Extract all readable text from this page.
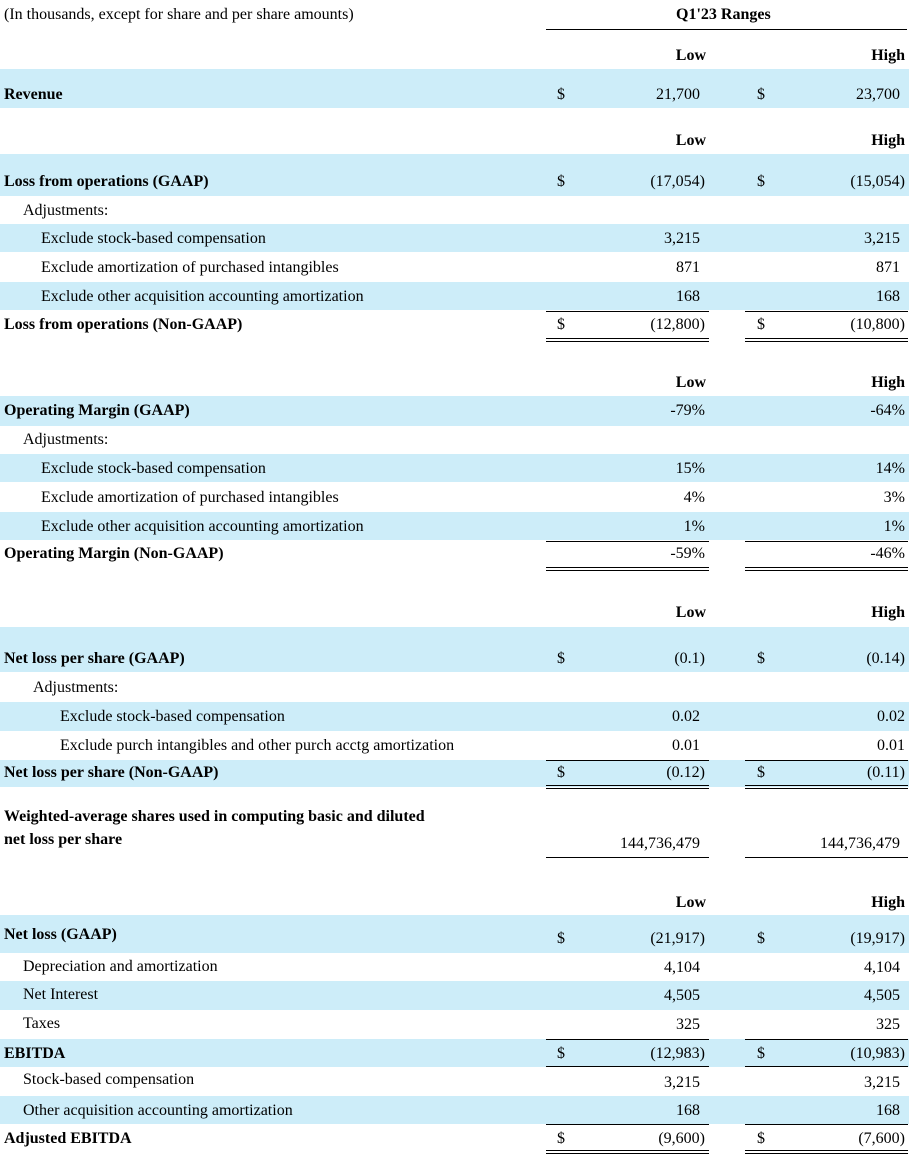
(In thousands, except for share and per share amounts)	Q1'23 Ranges
Low	High
Revenue	$	21,700	$	23,700
Low	High
Loss from operations (GAAP)	$	(17,054)	$	(15,054)
Adjustments:
Exclude stock-based compensation	3,215	3,215
Exclude amortization of purchased intangibles	871	871
Exclude other acquisition accounting amortization	168	168
Loss from operations (Non-GAAP)	$	(12,800)	$	(10,800)
Low	High
Operating Margin (GAAP)	-79%	-64%
Adjustments:
Exclude stock-based compensation	15%	14%
Exclude amortization of purchased intangibles	4%	3%
Exclude other acquisition accounting amortization	1%	1%
Operating Margin (Non-GAAP)	-59%	-46%
Low	High
Net loss per share (GAAP)	$	(0.1)	$	(0.14)
Adjustments:
Exclude stock-based compensation	0.02	0.02
Exclude purch intangibles and other purch acctg amortization	0.01	0.01
Net loss per share (Non-GAAP)	$	(0.12)	$	(0.11)
Weighted-average shares used in computing basic and diluted
net loss per share	144,736,479	144,736,479
Low	High
Net loss (GAAP)	$	(21,917)	$	(19,917)
Depreciation and amortization	4,104	4,104
Net Interest	4,505	4,505
Taxes	325	325
EBITDA	$	(12,983)	$	(10,983)
Stock-based compensation	3,215	3,215
Other acquisition accounting amortization	168	168
Adjusted EBITDA	$	(9,600)	$	(7,600)
